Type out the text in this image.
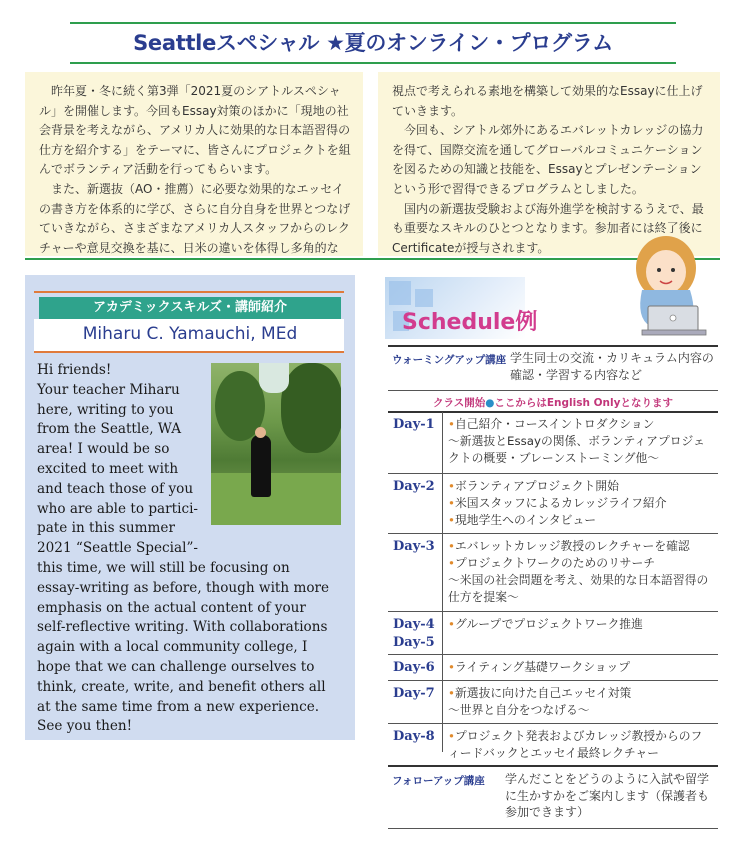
Seattleスペシャル ★夏のオンライン・プログラム

昨年夏・冬に続く第3弾「2021夏のシアトルスペシャル」を開催します。今回もEssay対策のほかに「現地の社会背景を考えながら、アメリカ人に効果的な日本語習得の仕方を紹介する」をテーマに、皆さんにプロジェクトを組んでボランティア活動を行ってもらいます。

また、新選抜（AO・推薦）に必要な効果的なエッセイの書き方を体系的に学び、さらに自分自身を世界とつなげていきながら、さまざまなアメリカ人スタッフからのレクチャーや意見交換を基に、日米の違いを体得し多角的な

視点で考えられる素地を構築して効果的なEssayに仕上げていきます。

今回も、シアトル郊外にあるエバレットカレッジの協力を得て、国際交流を通してグローバルコミュニケーションを図るための知識と技能を、Essayとプレゼンテーションという形で習得できるプログラムとしました。

国内の新選抜受験および海外進学を検討するうえで、最も重要なスキルのひとつとなります。参加者には終了後にCertificateが授与されます。

アカデミックスキルズ・講師紹介
Miharu C. Yamauchi, MEd
Hi friends!
Your teacher Miharu
here, writing to you
from the Seattle, WA
area! I would be so
excited to meet with
and teach those of you
who are able to partici-
pate in this summer
2021 “Seattle Special”-
this time, we will still be focusing on
essay-writing as before, though with more
emphasis on the actual content of your
self-reflective writing. With collaborations
again with a local community college, I
hope that we can challenge ourselves to
think, create, write, and benefit others all
at the same time from a new experience.
See you then!
Schedule例
ウォーミングアップ講座 学生同士の交流・カリキュラム内容の確認・学習する内容など
クラス開始●ここからはEnglish Onlyとなります
Day-1 •自己紹介・コースイントロダクション
〜新選抜とEssayの関係、ボランティアプロジェ
クトの概要・ブレーンストーミング他〜
Day-2 •ボランティアプロジェクト開始
•米国スタッフによるカレッジライフ紹介
•現地学生へのインタビュー
Day-3 •エバレットカレッジ教授のレクチャーを確認
•プロジェクトワークのためのリサーチ
〜米国の社会問題を考え、効果的な日本語習得の
仕方を提案〜
Day-4
Day-5
•グループでプロジェクトワーク推進
Day-6 •ライティング基礎ワークショップ
Day-7 •新選抜に向けた自己エッセイ対策
〜世界と自分をつなげる〜
Day-8 •プロジェクト発表およびカレッジ教授からのフ
ィードバックとエッセイ最終レクチャー
フォローアップ講座 学んだことをどうのように入試や留学に生かすかをご案内します（保護者も参加できます）
